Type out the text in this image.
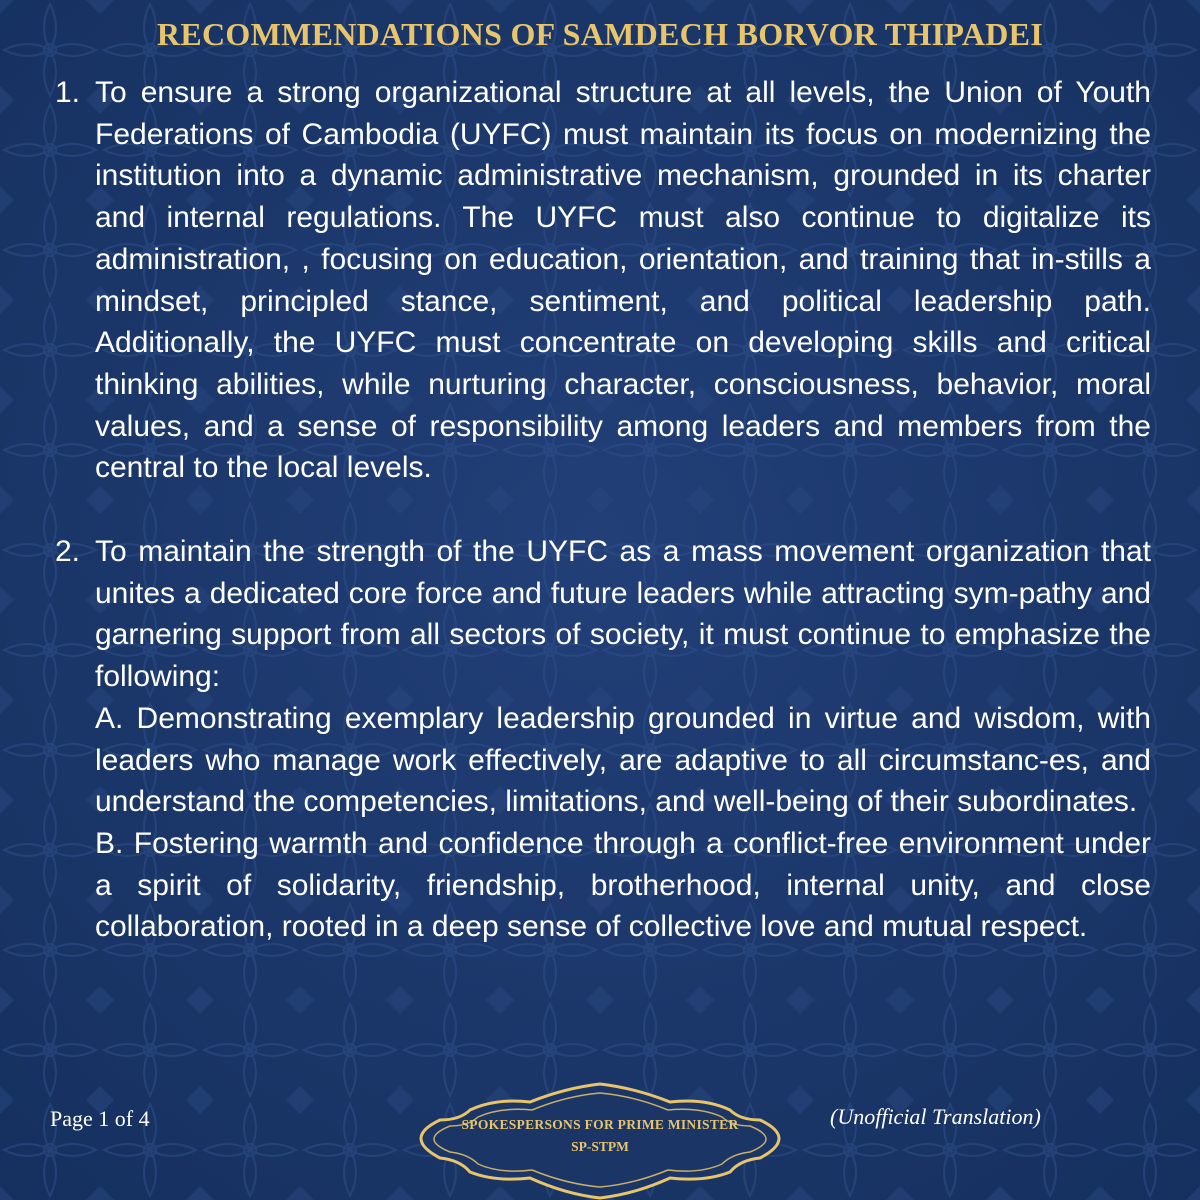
RECOMMENDATIONS OF SAMDECH BORVOR THIPADEI
1. To ensure a strong organizational structure at all levels, the Union of Youth Federations of Cambodia (UYFC) must maintain its focus on modernizing the institution into a dynamic administrative mechanism, grounded in its charter and internal regulations. The UYFC must also continue to digitalize its administration, , focusing on education, orientation, and training that in-stills a mindset, principled stance, sentiment, and political leadership path. Additionally, the UYFC must concentrate on developing skills and critical thinking abilities, while nurturing character, consciousness, behavior, moral values, and a sense of responsibility among leaders and members from the central to the local levels.

2. To maintain the strength of the UYFC as a mass movement organization that unites a dedicated core force and future leaders while attracting sym-pathy and garnering support from all sectors of society, it must continue to emphasize the following:

A. Demonstrating exemplary leadership grounded in virtue and wisdom, with leaders who manage work effectively, are adaptive to all circumstanc-es, and understand the competencies, limitations, and well-being of their subordinates.

B. Fostering warmth and confidence through a conflict-free environment under a spirit of solidarity, friendship, brotherhood, internal unity, and close collaboration, rooted in a deep sense of collective love and mutual respect.

Page 1 of 4	SPOKESPERSONS FOR PRIME MINISTER
SP-STPM
(Unofficial Translation)
